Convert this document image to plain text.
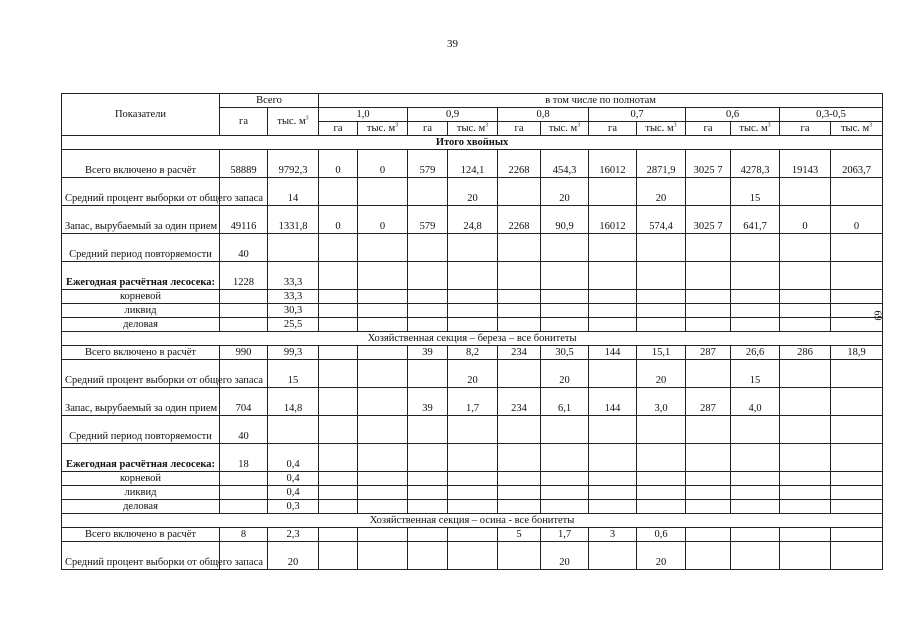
39
69
Показатели	Всего		в том числе по полнотам											
	га	тыс. $м^3$	1,0		0,9		0,8		0,7		0,6		0,3-0,5	
			га	тыс. $м^3$	га	тыс. $м^3$	га	тыс. $м^3$	га	тыс. $м^3$	га	тыс. $м^3$	га	тыс. $м^3$
Итого хвойных														
Всего включено в расчёт	58889	9792,3	0	0	579	124,1	2268	454,3	16012	2871,9	3025 7	4278,3	19143	2063,7
Средний процент выборки от общего запаса		14				20		20		20		15		
Запас, вырубаемый за один прием	49116	1331,8	0	0	579	24,8	2268	90,9	16012	574,4	3025 7	641,7	0	0
Средний период повторяемости	40													
Ежегодная расчётная лесосека:	1228	33,3												
корневой		33,3												
ликвид		30,3												
деловая		25,5												
Хозяйственная секция – береза – все бонитеты														
Всего включено в расчёт	990	99,3			39	8,2	234	30,5	144	15,1	287	26,6	286	18,9
Средний процент выборки от общего запаса		15				20		20		20		15		
Запас, вырубаемый за один прием	704	14,8			39	1,7	234	6,1	144	3,0	287	4,0		
Средний период повторяемости	40													
Ежегодная расчётная лесосека:	18	0,4												
корневой		0,4												
ликвид		0,4												
деловая		0,3												
Хозяйственная секция – осина - все бонитеты														
Всего включено в расчёт	8	2,3					5	1,7	3	0,6				
Средний процент выборки от общего запаса		20						20		20				
